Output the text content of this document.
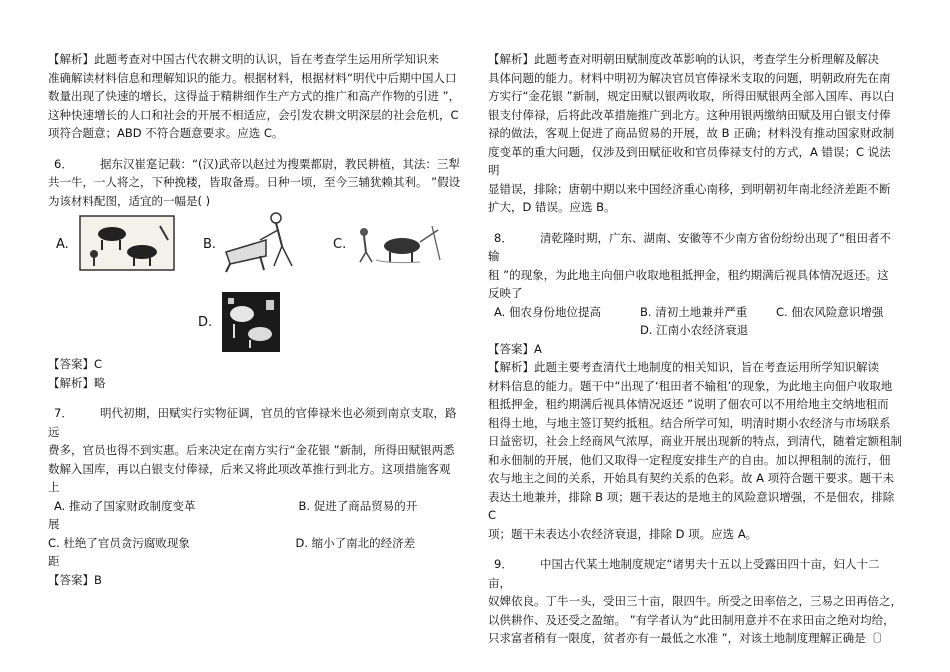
【解析】此题考查对中国古代农耕文明的认识，旨在考查学生运用所学知识来

准确解读材料信息和理解知识的能力。根据材料，根据材料“明代中后期中国人口

数量出现了快速的增长，这得益于精耕细作生产方式的推广和高产作物的引进 ”，

这种快速增长的人口和社会的开展不相适应，会引发农耕文明深层的社会危机，C

项符合题意；ABD 不符合题意要求。应选 C。

6． 据东汉崔寔记载：“(汉)武帝以赵过为搜粟都尉，教民耕植，其法：三犁

共一牛，一人将之，下种挽耧，皆取备焉。日种一顷，至今三辅犹赖其利。 ”假设

为该材料配图，适宜的一幅是( )

A.	B.	C.
D.

【答案】C

【解析】略

7． 明代初期，田赋实行实物征调，官员的官俸禄米也必须到南京支取，路远

费多，官员也得不到实惠。后来决定在南方实行“金花银 ”新制，所得田赋银两悉

数解入国库，再以白银支付俸禄，后来又将此项改革推行到北方。这项措施客观

上

A. 推动了国家财政制度变革	B. 促进了商品贸易的开

展

C. 杜绝了官员贪污腐败现象	D. 缩小了南北的经济差

距

【答案】B

【解析】此题考查对明朝田赋制度改革影响的认识，考查学生分析理解及解决

具体问题的能力。材料中明初为解决官员官俸禄米支取的问题，明朝政府先在南

方实行“金花银 ”新制，规定田赋以银两收取，所得田赋银两全部入国库、再以白

银支付俸禄，后将此改革措施推广到北方。这种用银两缴纳田赋及用白银支付俸

禄的做法，客观上促进了商品贸易的开展，故 B 正确；材料没有推动国家财政制

度变革的重大问题，仅涉及到田赋征收和官员俸禄支付的方式，A 错误；C 说法明

显错误，排除；唐朝中期以来中国经济重心南移，到明朝初年南北经济差距不断

扩大，D 错误。应选 B。

8． 清乾隆时期，广东、湖南、安徽等不少南方省份纷纷出现了“租田者不输

租 ”的现象，为此地主向佃户收取地租抵押金，租约期满后视具体情况返还。这

反映了

A. 佃农身份地位提高	B. 清初土地兼并严重	C. 佃农风险意识增强

D. 江南小农经济衰退

【答案】A

【解析】此题主要考查清代土地制度的相关知识，旨在考查运用所学知识解读

材料信息的能力。题干中“出现了‘租田者不输租’的现象，为此地主向佃户收取地

租抵押金，租约期满后视具体情况返还 ”说明了佃农可以不用给地主交纳地租而

租得土地，与地主签订契约抵租。结合所学可知，明清时期小农经济与市场联系

日益密切，社会上经商风气浓厚，商业开展出现新的特点，到清代，随着定额租制

和永佃制的开展，他们又取得一定程度安排生产的自由。加以押租制的流行，佃

农与地主之间的关系，开始具有契约关系的色彩。故 A 项符合题干要求。题干未

表达土地兼并，排除 B 项；题干表达的是地主的风险意识增强，不是佃农，排除 C

项；题干未表达小农经济衰退，排除 D 项。应选 A。

9． 中国古代某土地制度规定“诸男夫十五以上受露田四十亩，妇人十二亩，

奴婢依良。丁牛一头，受田三十亩，限四牛。所受之田率倍之，三易之田再倍之，

以供耕作、及还受之盈缩。 ”有学者认为“此田制用意并不在求田亩之绝对均给，

只求富者稍有一限度，贫者亦有一最低之水准 ”，对该土地制度理解正确是〔〕
